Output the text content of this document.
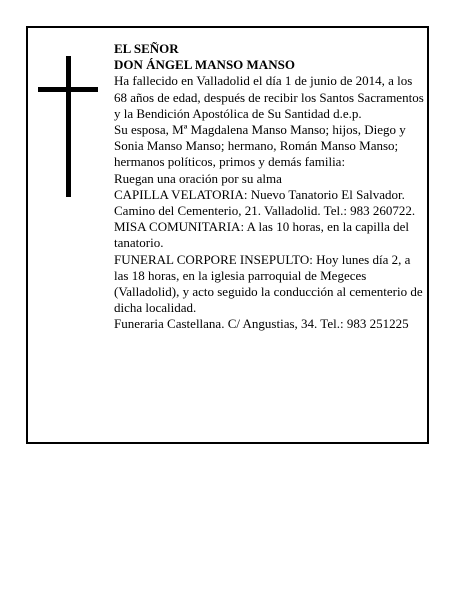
EL SEÑOR

DON ÁNGEL MANSO MANSO

Ha fallecido en Valladolid el día 1 de junio de 2014, a los 68 años de edad, después de recibir los Santos Sacramentos y la Bendición Apostólica de Su Santidad d.e.p.

Su esposa, Mª Magdalena Manso Manso; hijos, Diego y Sonia Manso Manso; hermano, Román Manso Manso; hermanos políticos, primos y demás familia:

Ruegan una oración por su alma

CAPILLA VELATORIA: Nuevo Tanatorio El Salvador. Camino del Cementerio, 21. Valladolid. Tel.: 983 260722.

MISA COMUNITARIA: A las 10 horas, en la capilla del tanatorio.

FUNERAL CORPORE INSEPULTO: Hoy lunes día 2, a las 18 horas, en la iglesia parroquial de Megeces (Valladolid), y acto seguido la conducción al cementerio de dicha localidad.

Funeraria Castellana. C/ Angustias, 34. Tel.: 983 251225
